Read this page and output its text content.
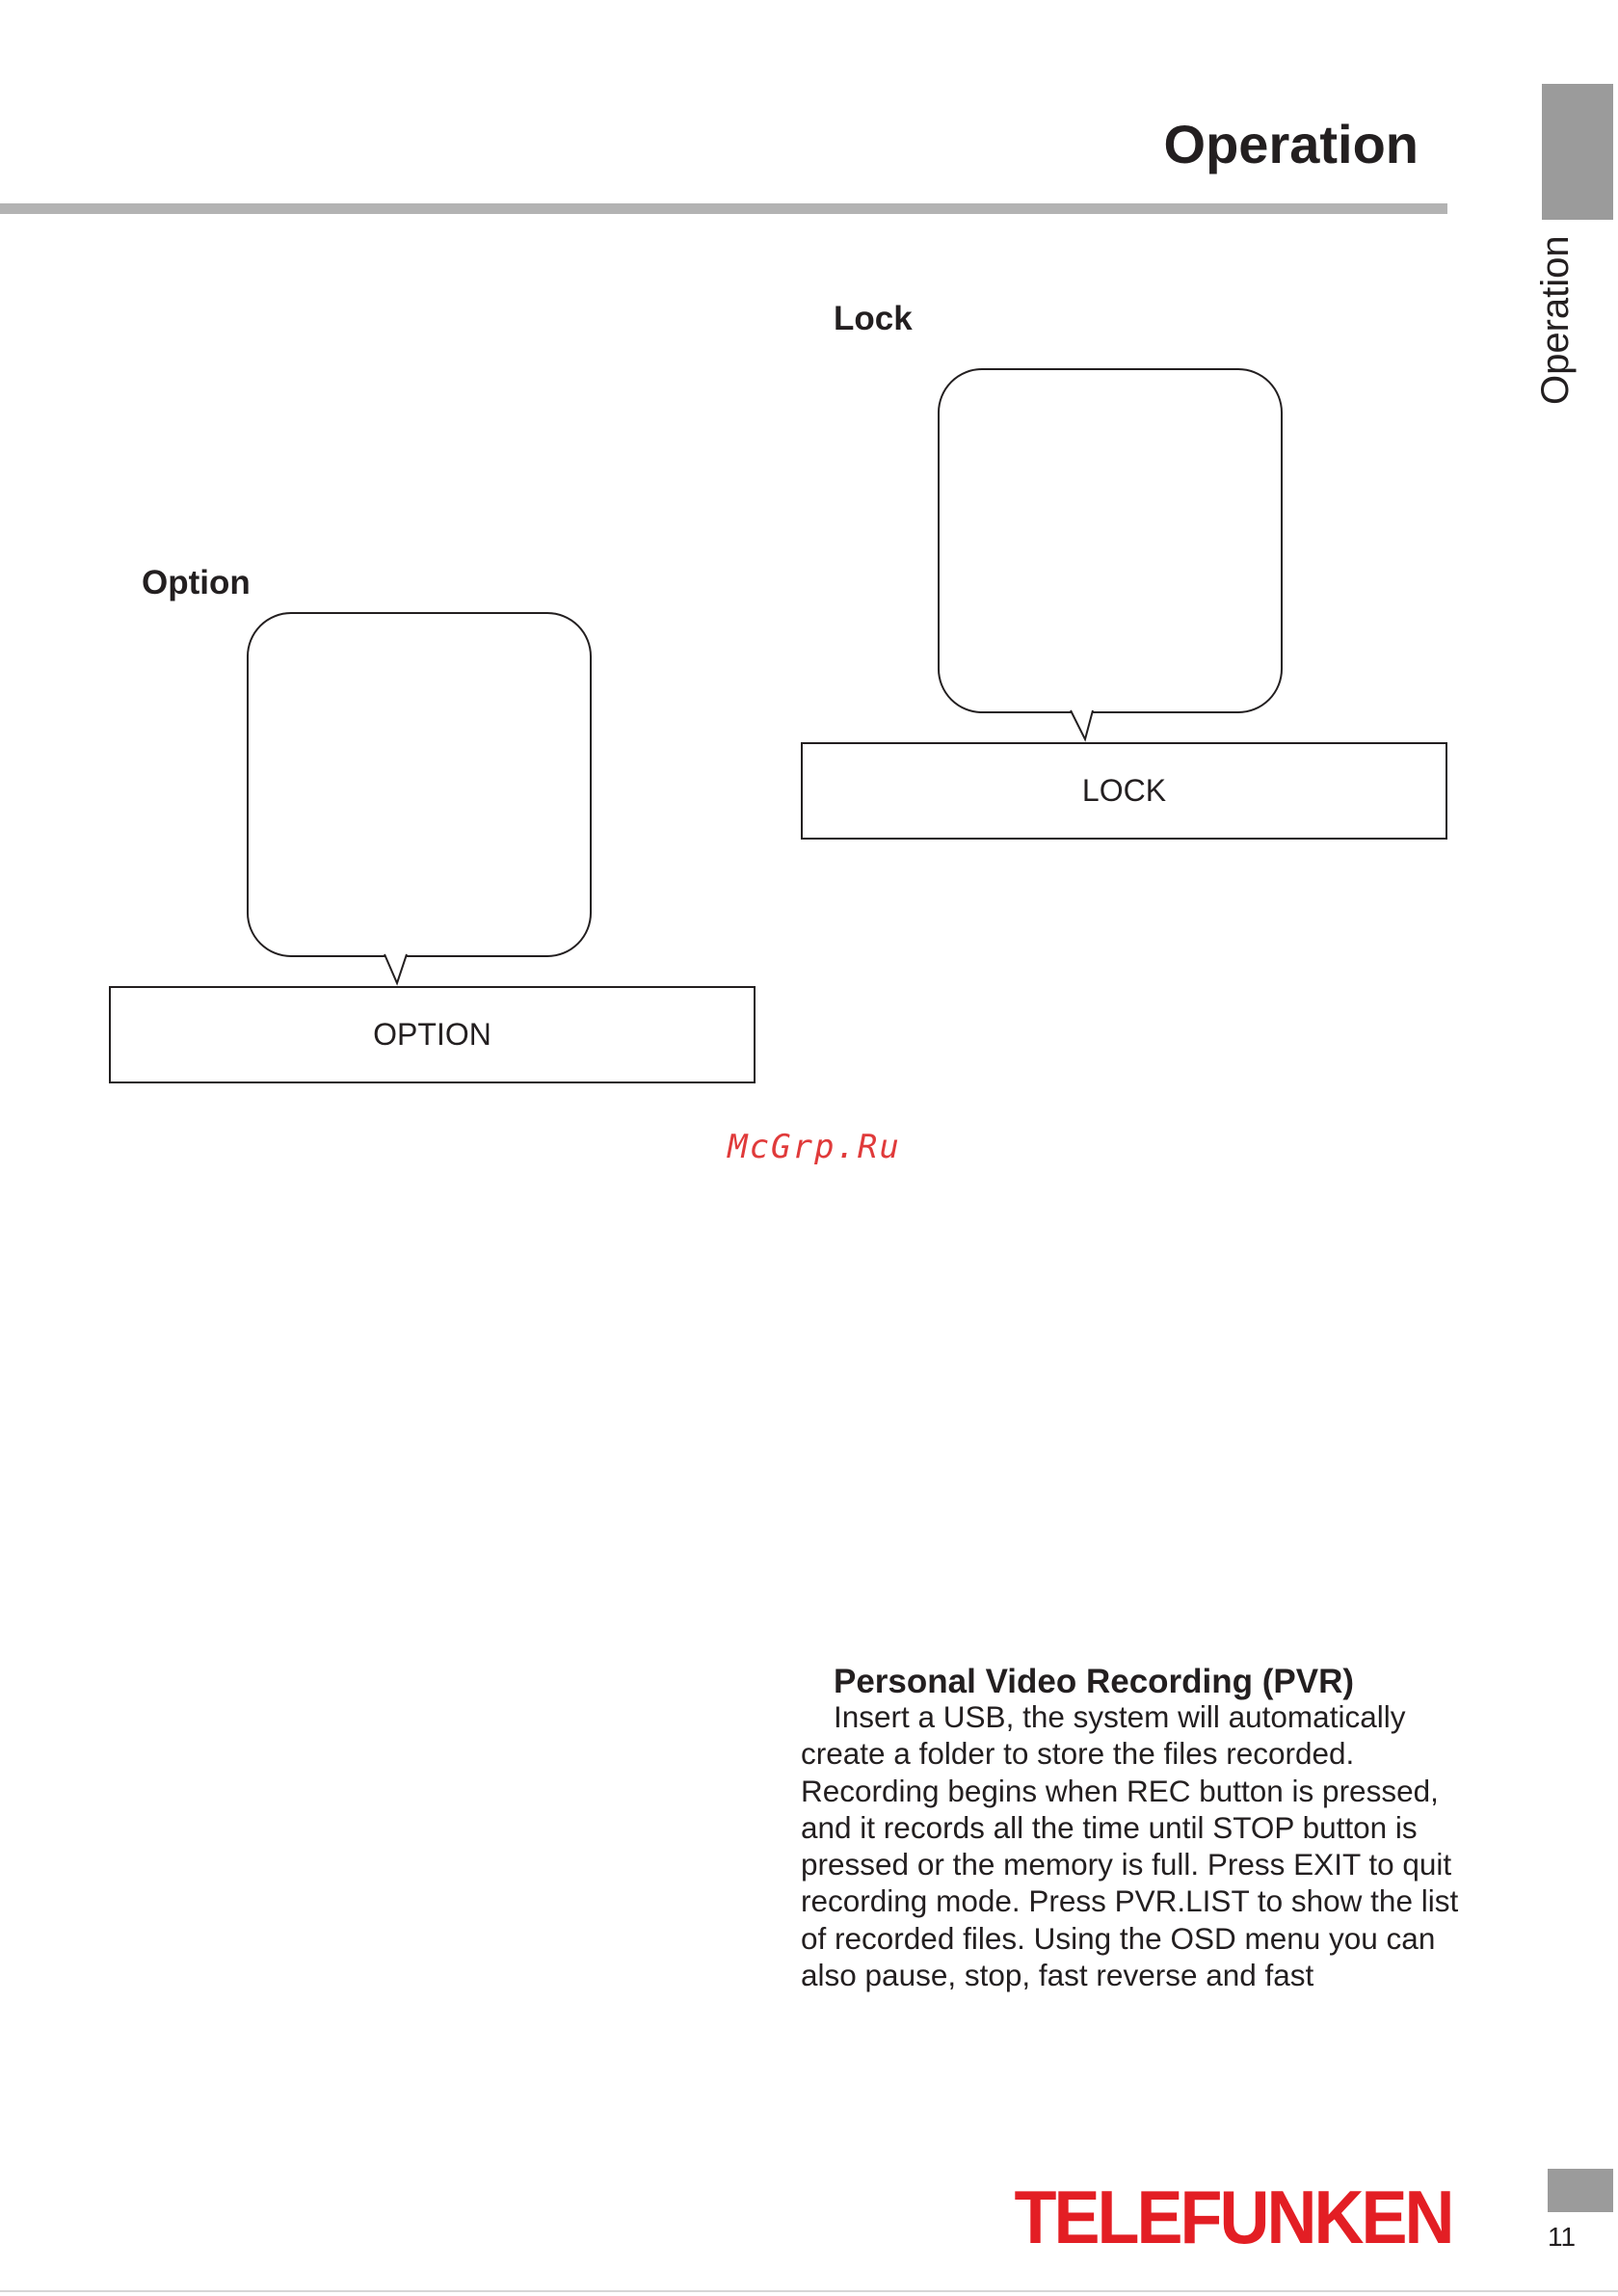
Operation
Operation
Lock
LOCK
Option
OPTION
McGrp.Ru
Personal Video Recording (PVR)
Insert a USB, the system will automatically create a folder to store the files recorded. Recording begins when REC button is pressed, and it records all the time until STOP button is pressed or the memory is full. Press EXIT to quit recording mode. Press PVR.LIST to show the list of recorded files. Using the OSD menu you can also pause, stop, fast reverse and fast
TELEFUNKEN	11
